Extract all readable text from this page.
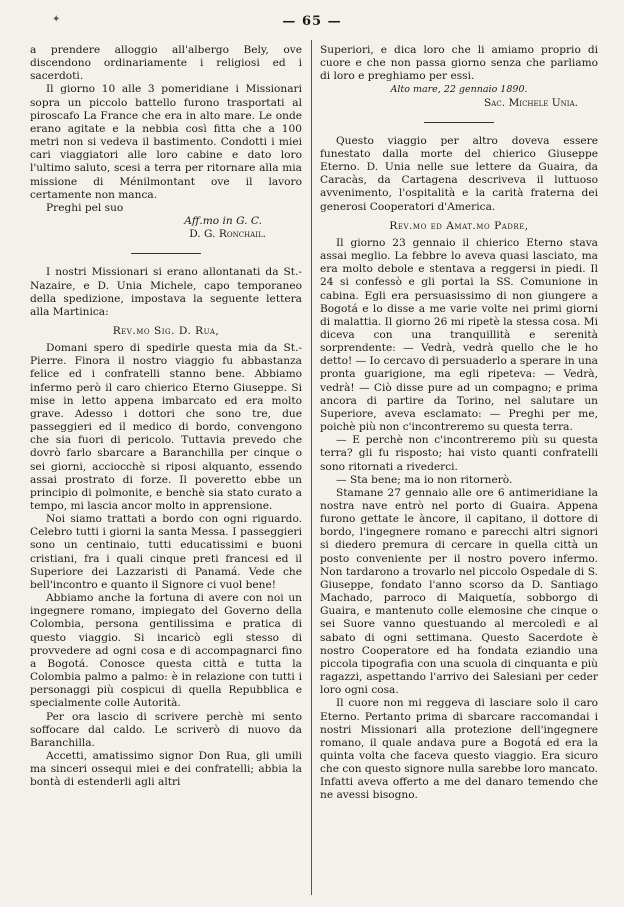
✦	— 65 —

a prendere alloggio all'albergo Bely, ove discendono ordinariamente i religiosi ed i sacerdoti.

Il giorno 10 alle 3 pomeridiane i Missionari sopra un piccolo battello furono trasportati al piroscafo La France che era in alto mare. Le onde erano agitate e la nebbia così fitta che a 100 metri non si vedeva il bastimento. Condotti i miei cari viaggiatori alle loro cabine e dato loro l'ultimo saluto, scesi a terra per ritornare alla mia missione di Ménilmontant ove il lavoro certamente non manca.

Preghi pel suo

Aff.mo in G. C.

D. G. Ronchail.

I nostri Missionari si erano allontanati da St.-Nazaire, e D. Unia Michele, capo temporaneo della spedizione, impostava la seguente lettera alla Martinica:

Rev.mo Sig. D. Rua,

Domani spero di spedirle questa mia da St.-Pierre. Finora il nostro viaggio fu abbastanza felice ed i confratelli stanno bene. Abbiamo infermo però il caro chierico Eterno Giuseppe. Si mise in letto appena imbarcato ed era molto grave. Adesso i dottori che sono tre, due passeggieri ed il medico di bordo, convengono che sia fuori di pericolo. Tuttavia prevedo che dovrò farlo sbarcare a Baranchilla per cinque o sei giorni, acciocchè si riposi alquanto, essendo assai prostrato di forze. Il poveretto ebbe un principio di polmonite, e benchè sia stato curato a tempo, mi lascia ancor molto in apprensione.

Noi siamo trattati a bordo con ogni riguardo. Celebro tutti i giorni la santa Messa. I passeggieri sono un centinaio, tutti educatissimi e buoni cristiani, fra i quali cinque preti francesi ed il Superiore dei Lazzaristi di Panamá. Vede che bell'incontro e quanto il Signore ci vuol bene!

Abbiamo anche la fortuna di avere con noi un ingegnere romano, impiegato del Governo della Colombia, persona gentilissima e pratica di questo viaggio. Si incaricò egli stesso di provvedere ad ogni cosa e di accompagnarci fino a Bogotá. Conosce questa città e tutta la Colombia palmo a palmo: è in relazione con tutti i personaggi più cospicui di quella Repubblica e specialmente colle Autorità.

Per ora lascio di scrivere perchè mi sento soffocare dal caldo. Le scriverò di nuovo da Baranchilla.

Accetti, amatissimo signor Don Rua, gli umili ma sinceri ossequi miei e dei confratelli; abbia la bontà di estenderli agli altri

Superiori, e dica loro che li amiamo proprio di cuore e che non passa giorno senza che parliamo di loro e preghiamo per essi.

Alto mare, 22 gennaio 1890.

Sac. Michele Unia.

Questo viaggio per altro doveva essere funestato dalla morte del chierico Giuseppe Eterno. D. Unia nelle sue lettere da Guaira, da Caracàs, da Cartagena descriveva il luttuoso avvenimento, l'ospitalità e la carità fraterna dei generosi Cooperatori d'America.

Rev.mo ed Amat.mo Padre,

Il giorno 23 gennaio il chierico Eterno stava assai meglio. La febbre lo aveva quasi lasciato, ma era molto debole e stentava a reggersi in piedi. Il 24 si confessò e gli portai la SS. Comunione in cabina. Egli era persuasissimo di non giungere a Bogotá e lo disse a me varie volte nei primi giorni di malattia. Il giorno 26 mi ripetè la stessa cosa. Mi diceva con una tranquillità e serenità sorprendente: — Vedrà, vedrà quello che le ho detto! — Io cercavo di persuaderlo a sperare in una pronta guarigione, ma egli ripeteva: — Vedrà, vedrà! — Ciò disse pure ad un compagno; e prima ancora di partire da Torino, nel salutare un Superiore, aveva esclamato: — Preghi per me, poichè più non c'incontreremo su questa terra.

— E perchè non c'incontreremo più su questa terra? gli fu risposto; hai visto quanti confratelli sono ritornati a rivederci.

— Sta bene; ma io non ritornerò.

Stamane 27 gennaio alle ore 6 antimeridiane la nostra nave entrò nel porto di Guaira. Appena furono gettate le àncore, il capitano, il dottore di bordo, l'ingegnere romano e parecchi altri signori si diedero premura di cercare in quella città un posto conveniente per il nostro povero infermo. Non tardarono a trovarlo nel piccolo Ospedale di S. Giuseppe, fondato l'anno scorso da D. Santiago Machado, parroco di Maiquetía, sobborgo di Guaira, e mantenuto colle elemosine che cinque o sei Suore vanno questuando al mercoledì e al sabato di ogni settimana. Questo Sacerdote è nostro Cooperatore ed ha fondata eziandio una piccola tipografia con una scuola di cinquanta e più ragazzi, aspettando l'arrivo dei Salesiani per ceder loro ogni cosa.

Il cuore non mi reggeva di lasciare solo il caro Eterno. Pertanto prima di sbarcare raccomandai i nostri Missionari alla protezione dell'ingegnere romano, il quale andava pure a Bogotá ed era la quinta volta che faceva questo viaggio. Era sicuro che con questo signore nulla sarebbe loro mancato. Infatti aveva offerto a me del danaro temendo che ne avessi bisogno.
